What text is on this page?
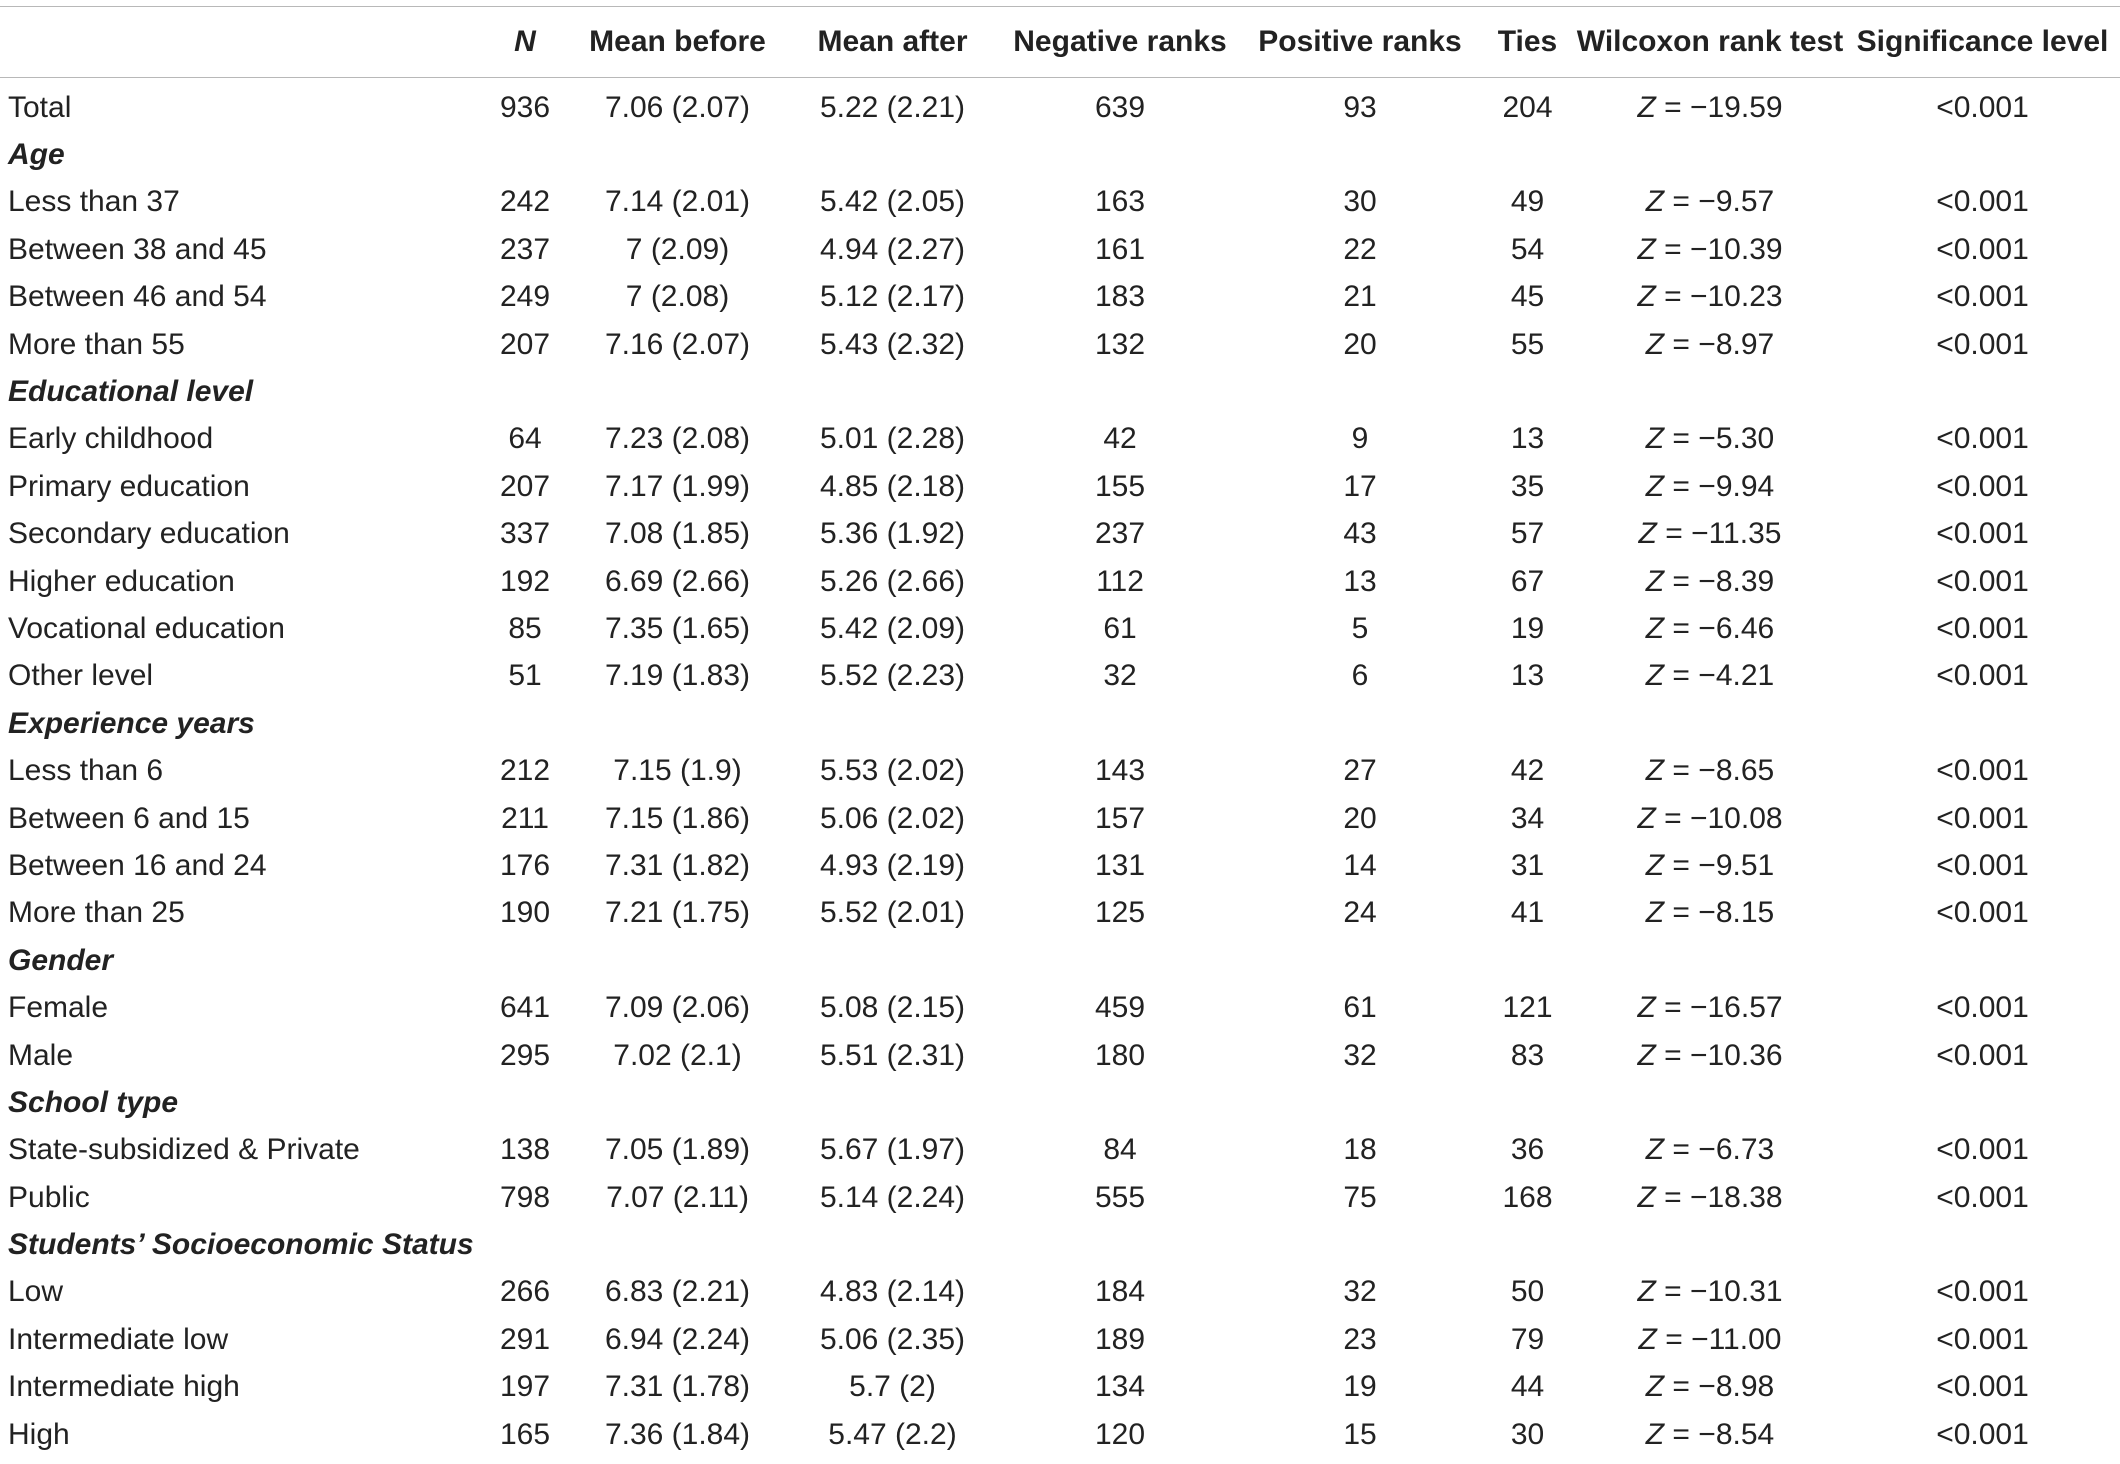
	N	Mean before	Mean after	Negative ranks	Positive ranks	Ties	Wilcoxon rank test	Significance level
Total	936	7.06 (2.07)	5.22 (2.21)	639	93	204	Z = −19.59	<0.001
Age								
Less than 37	242	7.14 (2.01)	5.42 (2.05)	163	30	49	Z = −9.57	<0.001
Between 38 and 45	237	7 (2.09)	4.94 (2.27)	161	22	54	Z = −10.39	<0.001
Between 46 and 54	249	7 (2.08)	5.12 (2.17)	183	21	45	Z = −10.23	<0.001
More than 55	207	7.16 (2.07)	5.43 (2.32)	132	20	55	Z = −8.97	<0.001
Educational level								
Early childhood	64	7.23 (2.08)	5.01 (2.28)	42	9	13	Z = −5.30	<0.001
Primary education	207	7.17 (1.99)	4.85 (2.18)	155	17	35	Z = −9.94	<0.001
Secondary education	337	7.08 (1.85)	5.36 (1.92)	237	43	57	Z = −11.35	<0.001
Higher education	192	6.69 (2.66)	5.26 (2.66)	112	13	67	Z = −8.39	<0.001
Vocational education	85	7.35 (1.65)	5.42 (2.09)	61	5	19	Z = −6.46	<0.001
Other level	51	7.19 (1.83)	5.52 (2.23)	32	6	13	Z = −4.21	<0.001
Experience years								
Less than 6	212	7.15 (1.9)	5.53 (2.02)	143	27	42	Z = −8.65	<0.001
Between 6 and 15	211	7.15 (1.86)	5.06 (2.02)	157	20	34	Z = −10.08	<0.001
Between 16 and 24	176	7.31 (1.82)	4.93 (2.19)	131	14	31	Z = −9.51	<0.001
More than 25	190	7.21 (1.75)	5.52 (2.01)	125	24	41	Z = −8.15	<0.001
Gender								
Female	641	7.09 (2.06)	5.08 (2.15)	459	61	121	Z = −16.57	<0.001
Male	295	7.02 (2.1)	5.51 (2.31)	180	32	83	Z = −10.36	<0.001
School type								
State-subsidized & Private	138	7.05 (1.89)	5.67 (1.97)	84	18	36	Z = −6.73	<0.001
Public	798	7.07 (2.11)	5.14 (2.24)	555	75	168	Z = −18.38	<0.001
Students’ Socioeconomic Status								
Low	266	6.83 (2.21)	4.83 (2.14)	184	32	50	Z = −10.31	<0.001
Intermediate low	291	6.94 (2.24)	5.06 (2.35)	189	23	79	Z = −11.00	<0.001
Intermediate high	197	7.31 (1.78)	5.7 (2)	134	19	44	Z = −8.98	<0.001
High	165	7.36 (1.84)	5.47 (2.2)	120	15	30	Z = −8.54	<0.001
